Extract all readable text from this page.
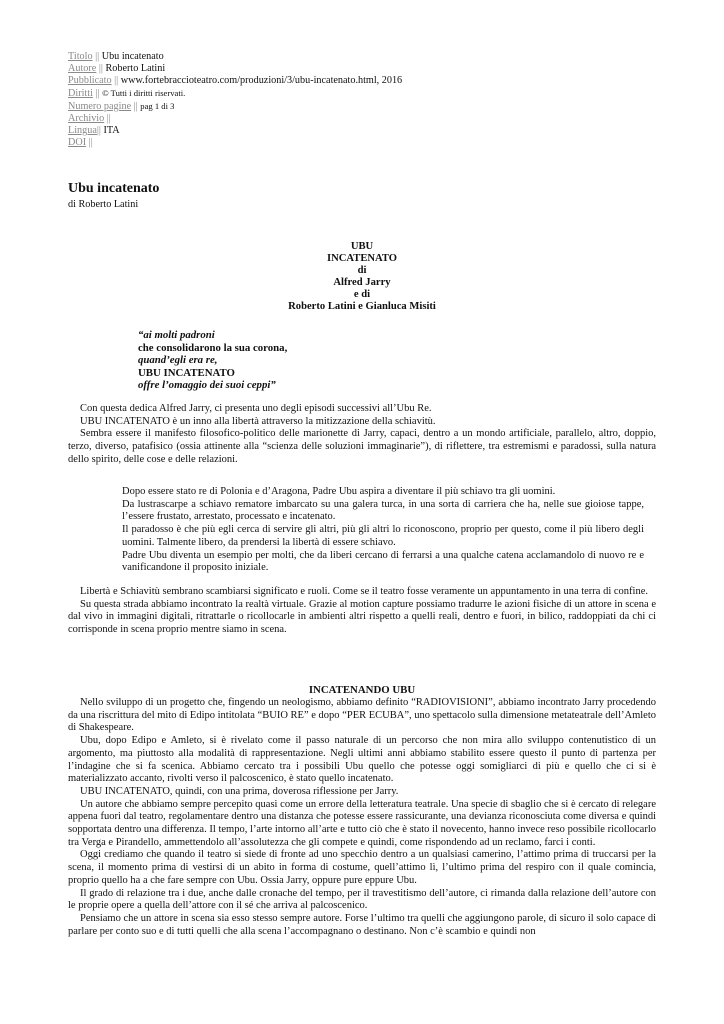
Titolo || Ubu incatenato
Autore || Roberto Latini
Pubblicato || www.fortebraccioteatro.com/produzioni/3/ubu-incatenato.html, 2016
Diritti || © Tutti i diritti riservati.
Numero pagine || pag 1 di 3
Archivio ||
Lingua|| ITA
DOI ||
Ubu incatenato
di Roberto Latini
UBU
INCATENATO
di
Alfred Jarry
e di
Roberto Latini e Gianluca Misiti
“ai molti padroni
che consolidarono la sua corona,
quand’egli era re,
UBU INCATENATO
offre l’omaggio dei suoi ceppi”

Con questa dedica Alfred Jarry, ci presenta uno degli episodi successivi all’Ubu Re.

UBU INCATENATO è un inno alla libertà attraverso la mitizzazione della schiavitù.

Sembra essere il manifesto filosofico-politico delle marionette di Jarry, capaci, dentro a un mondo artificiale, parallelo, altro, doppio, terzo, diverso, patafisico (ossia attinente alla “scienza delle soluzioni immaginarie”), di riflettere, tra estremismi e paradossi, sulla natura dello spirito, delle cose e delle relazioni.

Dopo essere stato re di Polonia e d’Aragona, Padre Ubu aspira a diventare il più schiavo tra gli uomini.

Da lustrascarpe a schiavo rematore imbarcato su una galera turca, in una sorta di carriera che ha, nelle sue gioiose tappe, l’essere frustato, arrestato, processato e incatenato.

Il paradosso è che più egli cerca di servire gli altri, più gli altri lo riconoscono, proprio per questo, come il più libero degli uomini. Talmente libero, da prendersi la libertà di essere schiavo.

Padre Ubu diventa un esempio per molti, che da liberi cercano di ferrarsi a una qualche catena acclamandolo di nuovo re e vanificandone il proposito iniziale.

Libertà e Schiavitù sembrano scambiarsi significato e ruoli. Come se il teatro fosse veramente un appuntamento in una terra di confine.

Su questa strada abbiamo incontrato la realtà virtuale. Grazie al motion capture possiamo tradurre le azioni fisiche di un attore in scena e dal vivo in immagini digitali, ritrattarle o ricollocarle in ambienti altri rispetto a quelli reali, dentro e fuori, in bilico, raddoppiati da chi ci corrisponde in scena proprio mentre siamo in scena.

INCATENANDO UBU

Nello sviluppo di un progetto che, fingendo un neologismo, abbiamo definito “RADIOVISIONI”, abbiamo incontrato Jarry procedendo da una riscrittura del mito di Edipo intitolata “BUIO RE” e dopo “PER ECUBA”, uno spettacolo sulla dimensione metateatrale dell’Amleto di Shakespeare.

Ubu, dopo Edipo e Amleto, si è rivelato come il passo naturale di un percorso che non mira allo sviluppo contenutistico di un argomento, ma piuttosto alla modalità di rappresentazione. Negli ultimi anni abbiamo stabilito essere questo il punto di partenza per l’indagine che si fa scenica. Abbiamo cercato tra i possibili Ubu quello che potesse oggi somigliarci di più e quello che ci si è materializzato accanto, rivolti verso il palcoscenico, è stato quello incatenato.

UBU INCATENATO, quindi, con una prima, doverosa riflessione per Jarry.

Un autore che abbiamo sempre percepito quasi come un errore della letteratura teatrale. Una specie di sbaglio che si è cercato di relegare appena fuori dal teatro, regolamentare dentro una distanza che potesse essere rassicurante, una devianza riconosciuta come diversa e quindi sopportata dentro una differenza. Il tempo, l’arte intorno all’arte e tutto ciò che è stato il novecento, hanno invece reso possibile ricollocarlo tra Verga e Pirandello, ammettendolo all’assolutezza che gli compete e quindi, come rispondendo ad un reclamo, farci i conti.

Oggi crediamo che quando il teatro si siede di fronte ad uno specchio dentro a un qualsiasi camerino, l’attimo prima di truccarsi per la scena, il momento prima di vestirsi di un abito in forma di costume, quell’attimo lì, l’ultimo prima del respiro con il quale comincia, proprio quello ha a che fare sempre con Ubu. Ossia Jarry, oppure pure eppure Ubu.

Il grado di relazione tra i due, anche dalle cronache del tempo, per il travestitismo dell’autore, ci rimanda dalla relazione dell’autore con le proprie opere a quella dell’attore con il sé che arriva al palcoscenico.

Pensiamo che un attore in scena sia esso stesso sempre autore. Forse l’ultimo tra quelli che aggiungono parole, di sicuro il solo capace di parlare per conto suo e di tutti quelli che alla scena l’accompagnano o destinano. Non c’è scambio e quindi non
